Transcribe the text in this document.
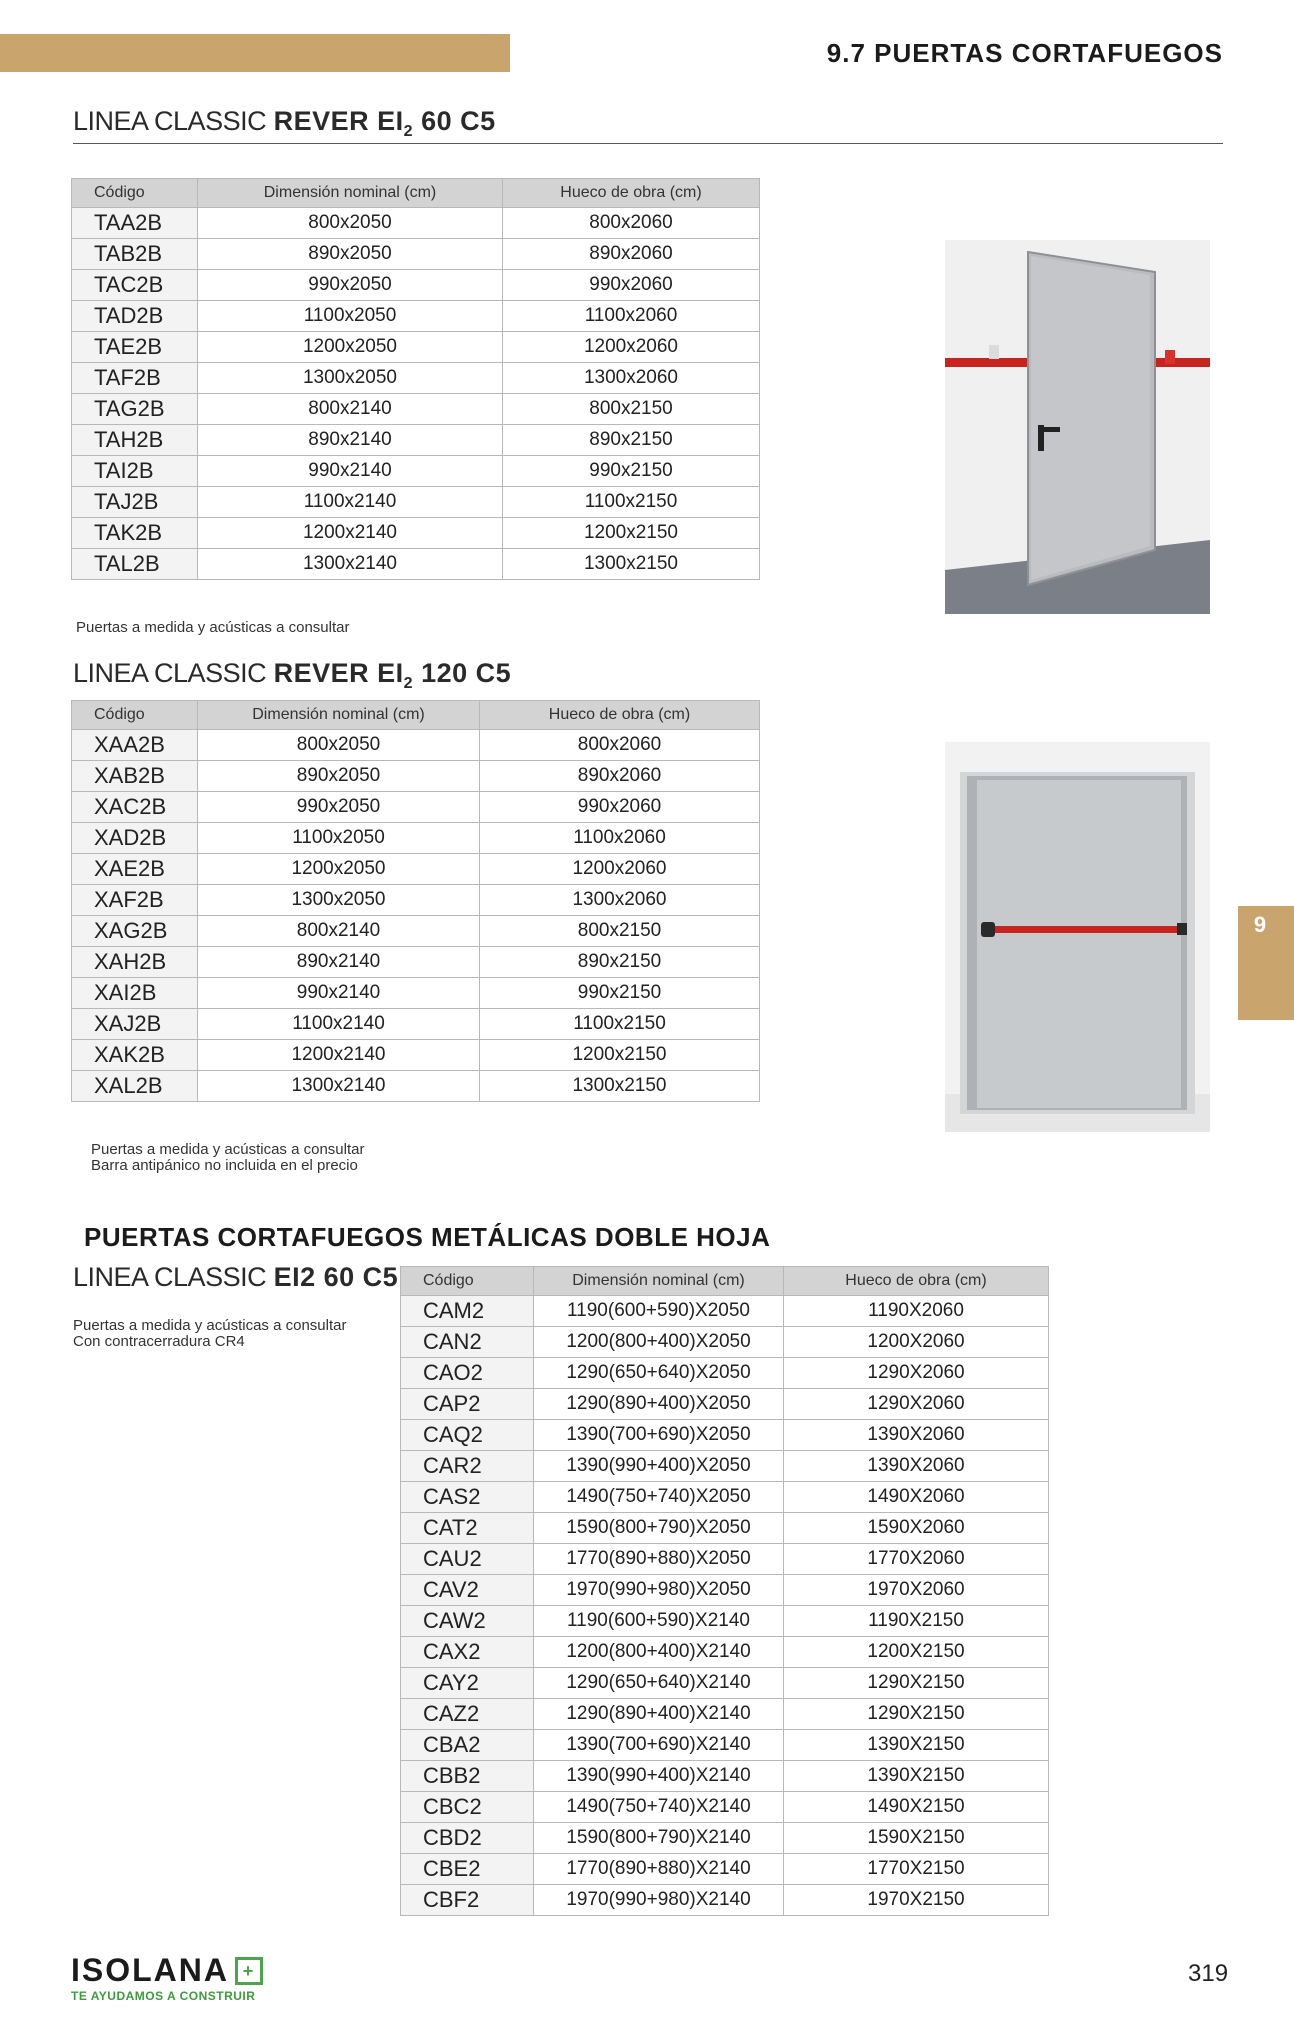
9.7 PUERTAS CORTAFUEGOS
LINEA CLASSIC REVER $EI_2$ 60 C5
Código	Dimensión nominal (cm)	Hueco de obra (cm)
TAA2B	800x2050	800x2060
TAB2B	890x2050	890x2060
TAC2B	990x2050	990x2060
TAD2B	1100x2050	1100x2060
TAE2B	1200x2050	1200x2060
TAF2B	1300x2050	1300x2060
TAG2B	800x2140	800x2150
TAH2B	890x2140	890x2150
TAI2B	990x2140	990x2150
TAJ2B	1100x2140	1100x2150
TAK2B	1200x2140	1200x2150
TAL2B	1300x2140	1300x2150
Puertas a medida y acústicas a consultar
LINEA CLASSIC REVER $EI_2$ 120 C5
Código	Dimensión nominal (cm)	Hueco de obra (cm)
XAA2B	800x2050	800x2060
XAB2B	890x2050	890x2060
XAC2B	990x2050	990x2060
XAD2B	1100x2050	1100x2060
XAE2B	1200x2050	1200x2060
XAF2B	1300x2050	1300x2060
XAG2B	800x2140	800x2150
XAH2B	890x2140	890x2150
XAI2B	990x2140	990x2150
XAJ2B	1100x2140	1100x2150
XAK2B	1200x2140	1200x2150
XAL2B	1300x2140	1300x2150
Puertas a medida y acústicas a consultar
Barra antipánico no incluida en el precio
9
PUERTAS CORTAFUEGOS METÁLICAS DOBLE HOJA
LINEA CLASSIC EI2 60 C5
Puertas a medida y acústicas a consultar
Con contracerradura CR4
Código	Dimensión nominal (cm)	Hueco de obra (cm)
CAM2	1190(600+590)X2050	1190X2060
CAN2	1200(800+400)X2050	1200X2060
CAO2	1290(650+640)X2050	1290X2060
CAP2	1290(890+400)X2050	1290X2060
CAQ2	1390(700+690)X2050	1390X2060
CAR2	1390(990+400)X2050	1390X2060
CAS2	1490(750+740)X2050	1490X2060
CAT2	1590(800+790)X2050	1590X2060
CAU2	1770(890+880)X2050	1770X2060
CAV2	1970(990+980)X2050	1970X2060
CAW2	1190(600+590)X2140	1190X2150
CAX2	1200(800+400)X2140	1200X2150
CAY2	1290(650+640)X2140	1290X2150
CAZ2	1290(890+400)X2140	1290X2150
CBA2	1390(700+690)X2140	1390X2150
CBB2	1390(990+400)X2140	1390X2150
CBC2	1490(750+740)X2140	1490X2150
CBD2	1590(800+790)X2140	1590X2150
CBE2	1770(890+880)X2140	1770X2150
CBF2	1970(990+980)X2140	1970X2150
ISOLANA +
TE AYUDAMOS A CONSTRUIR
319
